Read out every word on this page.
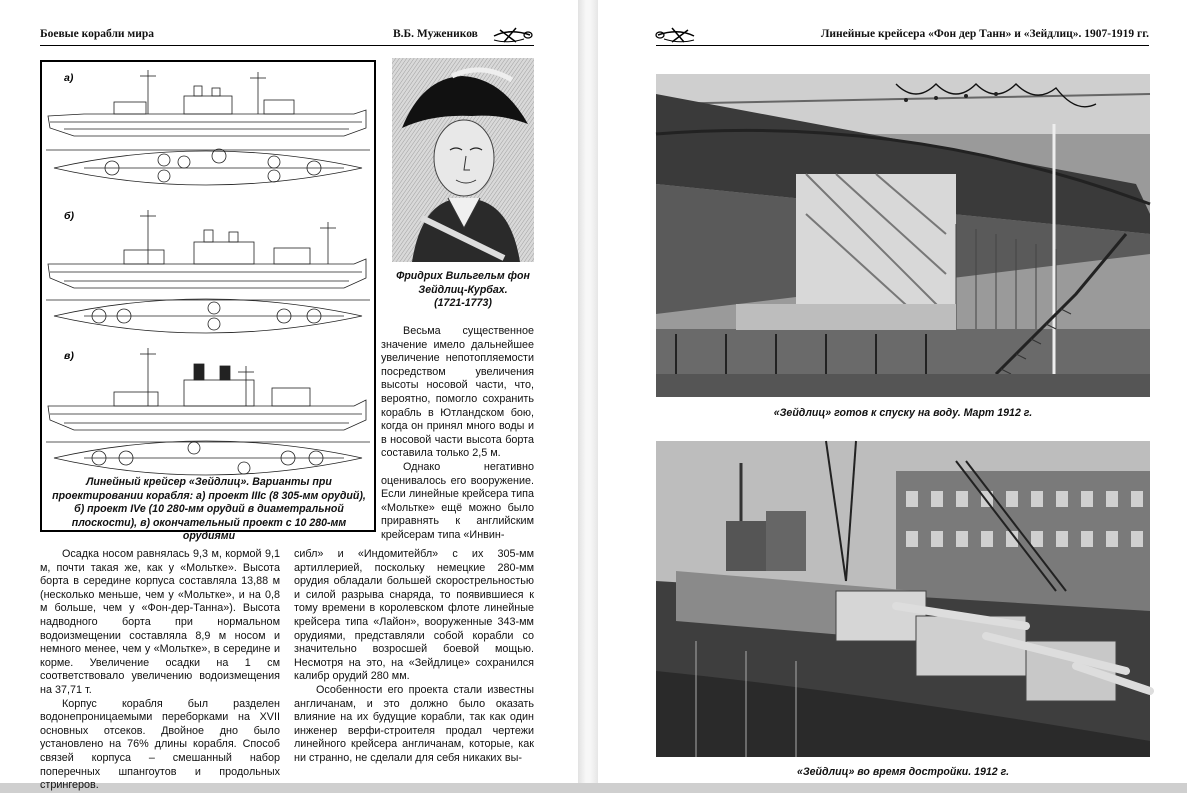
Боевые корабли мира	В.Б. Мужеников
а)
б)
в)
Линейный крейсер «Зейдлиц». Варианты при проектировании корабля: а) проект IIIc (8 305-мм орудий), б) проект IVe (10 280-мм орудий в диаметральной плоскости), в) окончательный проект с 10 280-мм орудиями
Фридрих Вильгельм фон
Зейдлиц-Курбах.
(1721-1773)

Весьма существенное значение имело дальнейшее увеличение непотопляемости посредством увеличения высоты носовой части, что, вероятно, помогло сохранить корабль в Ютландском бою, когда он принял много воды и в носовой части высота борта составила только 2,5 м.

Однако негативно оценивалось его вооружение. Если линейные крейсера типа «Мольтке» ещё можно было приравнять к английским крейсерам типа «Инвин-

Осадка носом равнялась 9,3 м, кормой 9,1 м, почти такая же, как у «Мольтке». Высота борта в середине корпуса составляла 13,88 м (несколько меньше, чем у «Мольтке», и на 0,8 м больше, чем у «Фон-дер-Танна»). Высота надводного борта при нормальном водоизмещении составляла 8,9 м носом и немного менее, чем у «Мольтке», в середине и корме. Увеличение осадки на 1 см соответствовало увеличению водоизмещения на 37,71 т.

Корпус корабля был разделен водонепроницаемыми переборками на XVII основных отсеков. Двойное дно было установлено на 76% длины корабля. Способ связей корпуса – смешанный набор поперечных шпангоутов и продольных стрингеров.

сибл» и «Индомитейбл» с их 305-мм артиллерией, поскольку немецкие 280-мм орудия обладали большей скорострельностью и силой разрыва снаряда, то появившиеся к тому времени в королевском флоте линейные крейсера типа «Лайон», вооруженные 343-мм орудиями, представляли собой корабли со значительно возросшей боевой мощью. Несмотря на это, на «Зейдлице» сохранился калибр орудий 280 мм.

Особенности его проекта стали известны англичанам, и это должно было оказать влияние на их будущие корабли, так как один инженер верфи-строителя продал чертежи линейного крейсера англичанам, которые, как ни странно, не сделали для себя никаких вы-

Линейные крейсера «Фон дер Танн» и «Зейдлиц». 1907-1919 гг.
«Зейдлиц» готов к спуску на воду. Март 1912 г.
«Зейдлиц» во время достройки. 1912 г.
